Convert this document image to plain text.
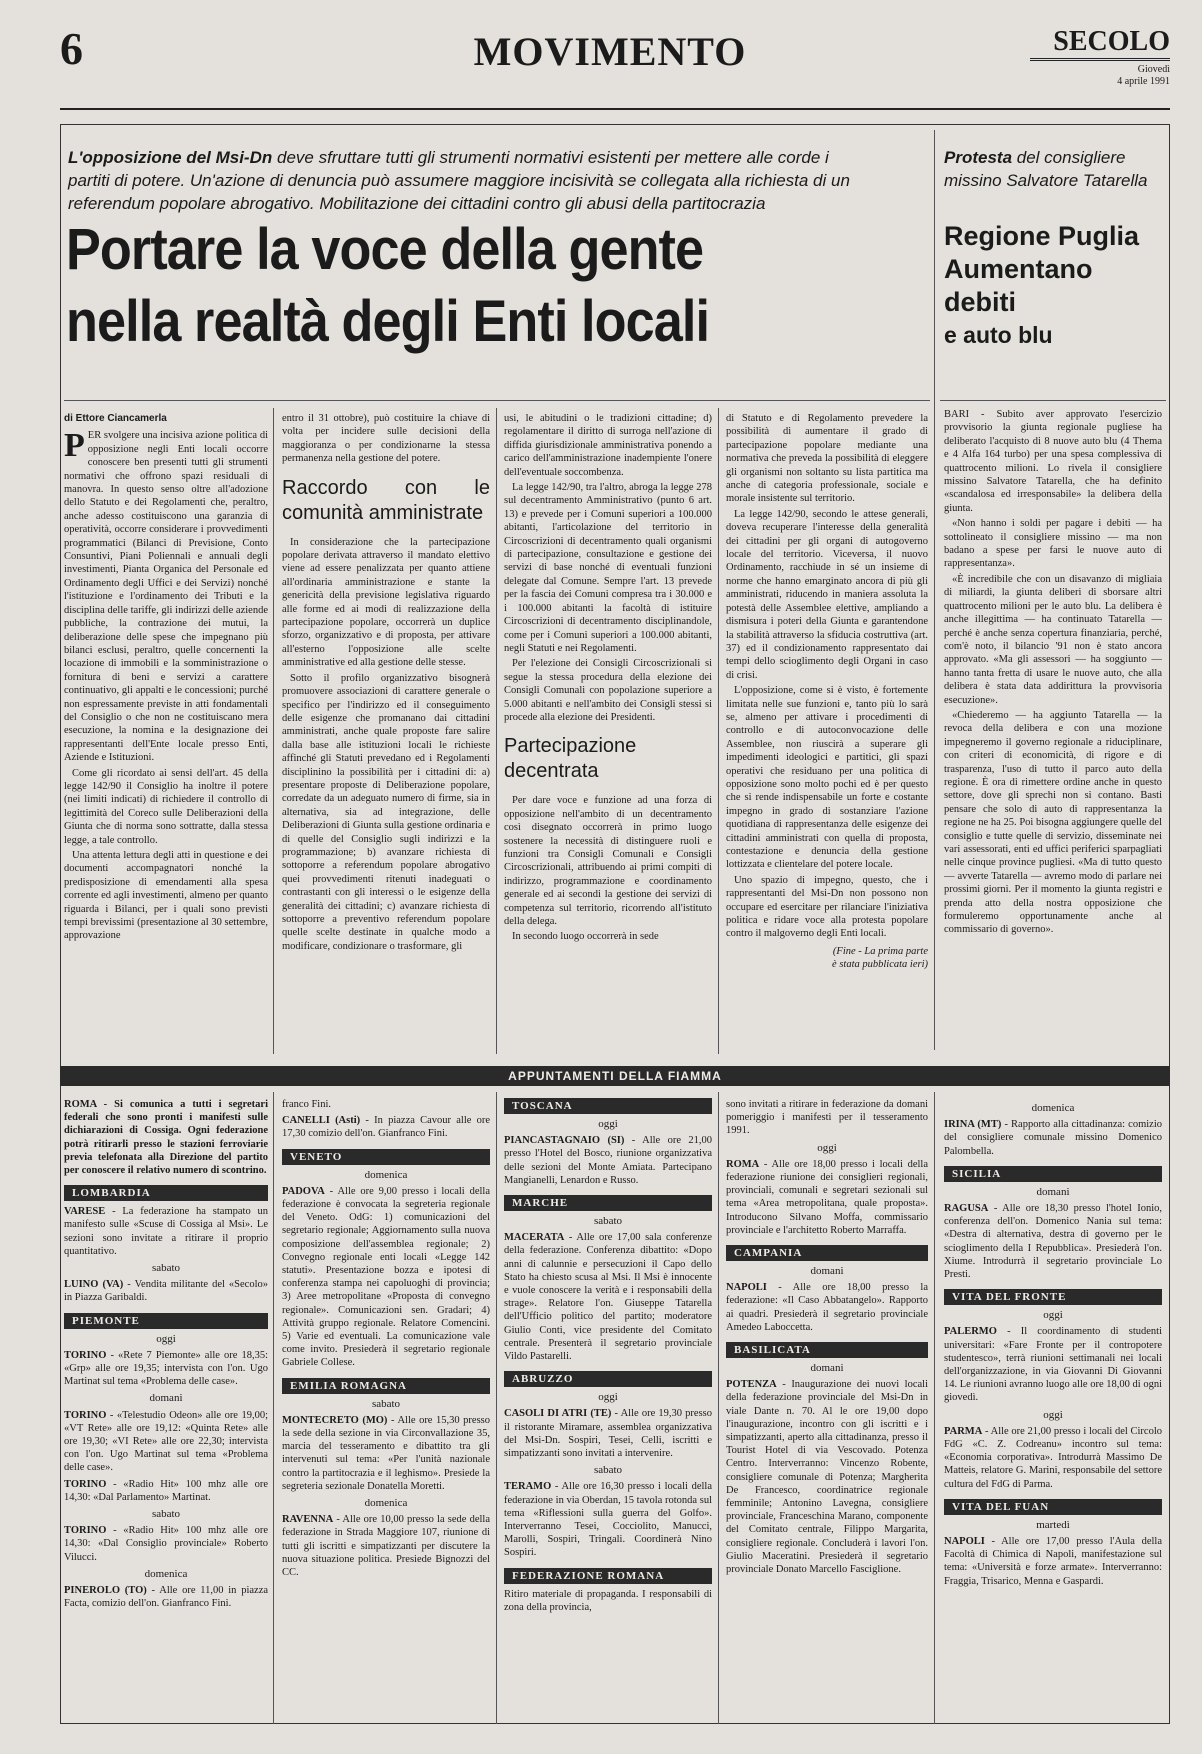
6	MOVIMENTO	SECOLO
Giovedì
4 aprile 1991
L'opposizione del Msi-Dn deve sfruttare tutti gli strumenti normativi esistenti per mettere alle corde i partiti di potere. Un'azione di denuncia può assumere maggiore incisività se collegata alla richiesta di un referendum popolare abrogativo. Mobilitazione dei cittadini contro gli abusi della partitocrazia
Portare la voce della gente
nella realtà degli Enti locali
di Ettore Ciancamerla

PER svolgere una incisiva azione politica di opposizione negli Enti locali occorre conoscere ben presenti tutti gli strumenti normativi che offrono spazi residuali di manovra. In questo senso oltre all'adozione dello Statuto e dei Regolamenti che, peraltro, anche adesso costituiscono una garanzia di operatività, occorre considerare i provvedimenti programmatici (Bilanci di Previsione, Conto Consuntivi, Piani Poliennali e annuali degli investimenti, Pianta Organica del Personale ed Ordinamento degli Uffici e dei Servizi) nonché l'istituzione e l'ordinamento dei Tributi e la disciplina delle tariffe, gli indirizzi delle aziende pubbliche, la contrazione dei mutui, la deliberazione delle spese che impegnano più bilanci esclusi, peraltro, quelle concernenti la locazione di immobili e la somministrazione o fornitura di beni e servizi a carattere continuativo, gli appalti e le concessioni; purché non espressamente previste in atti fondamentali del Consiglio o che non ne costituiscano mera esecuzione, la nomina e la designazione dei rappresentanti dell'Ente locale presso Enti, Aziende e Istituzioni.

Come gli ricordato ai sensi dell'art. 45 della legge 142/90 il Consiglio ha inoltre il potere (nei limiti indicati) di richiedere il controllo di legittimità del Coreco sulle Deliberazioni della Giunta che di norma sono sottratte, dalla stessa legge, a tale controllo.

Una attenta lettura degli atti in questione e dei documenti accompagnatori nonché la predisposizione di emendamenti alla spesa corrente ed agli investimenti, almeno per quanto riguarda i Bilanci, per i quali sono previsti tempi brevissimi (presentazione al 30 settembre, approvazione

entro il 31 ottobre), può costituire la chiave di volta per incidere sulle decisioni della maggioranza o per condizionarne la stessa permanenza nella gestione del potere.

Raccordo con le comunità amministrate

In considerazione che la partecipazione popolare derivata attraverso il mandato elettivo viene ad essere penalizzata per quanto attiene all'ordinaria amministrazione e stante la genericità della previsione legislativa riguardo alle forme ed ai modi di realizzazione della partecipazione popolare, occorrerà un duplice sforzo, organizzativo e di proposta, per attivare all'esterno l'opposizione alle scelte amministrative ed alla gestione delle stesse.

Sotto il profilo organizzativo bisognerà promuovere associazioni di carattere generale o specifico per l'indirizzo ed il conseguimento delle esigenze che promanano dai cittadini amministrati, anche quale proposte fare salire dalla base alle istituzioni locali le richieste affinché gli Statuti prevedano ed i Regolamenti disciplinino la possibilità per i cittadini di: a) presentare proposte di Deliberazione popolare, corredate da un adeguato numero di firme, sia in alternativa, sia ad integrazione, delle Deliberazioni di Giunta sulla gestione ordinaria e di quelle del Consiglio sugli indirizzi e la programmazione; b) avanzare richiesta di sottoporre a referendum popolare abrogativo quei provvedimenti ritenuti inadeguati o contrastanti con gli interessi o le esigenze della generalità dei cittadini; c) avanzare richiesta di sottoporre a preventivo referendum popolare quelle scelte destinate in qualche modo a modificare, condizionare o trasformare, gli

usi, le abitudini o le tradizioni cittadine; d) regolamentare il diritto di surroga nell'azione di diffida giurisdizionale amministrativa ponendo a carico dell'amministrazione inadempiente l'onere dell'eventuale soccombenza.

La legge 142/90, tra l'altro, abroga la legge 278 sul decentramento Amministrativo (punto 6 art. 13) e prevede per i Comuni superiori a 100.000 abitanti, l'articolazione del territorio in Circoscrizioni di decentramento quali organismi di partecipazione, consultazione e gestione dei servizi di base nonché di eventuali funzioni delegate dal Comune. Sempre l'art. 13 prevede per la fascia dei Comuni compresa tra i 30.000 e i 100.000 abitanti la facoltà di istituire Circoscrizioni di decentramento disciplinandole, come per i Comuni superiori a 100.000 abitanti, negli Statuti e nei Regolamenti.

Per l'elezione dei Consigli Circoscrizionali si segue la stessa procedura della elezione dei Consigli Comunali con popolazione superiore a 5.000 abitanti e nell'ambito dei Consigli stessi si procede alla elezione dei Presidenti.

Partecipazione decentrata

Per dare voce e funzione ad una forza di opposizione nell'ambito di un decentramento così disegnato occorrerà in primo luogo sostenere la necessità di distinguere ruoli e funzioni tra Consigli Comunali e Consigli Circoscrizionali, attribuendo ai primi compiti di indirizzo, programmazione e coordinamento generale ed ai secondi la gestione dei servizi di competenza sul territorio, ricorrendo all'istituto della delega.

In secondo luogo occorrerà in sede

di Statuto e di Regolamento prevedere la possibilità di aumentare il grado di partecipazione popolare mediante una normativa che preveda la possibilità di eleggere gli organismi non soltanto su lista partitica ma anche di categoria professionale, sociale e morale insistente sul territorio.

La legge 142/90, secondo le attese generali, doveva recuperare l'interesse della generalità dei cittadini per gli organi di autogoverno locale del territorio. Viceversa, il nuovo Ordinamento, racchiude in sé un insieme di norme che hanno emarginato ancora di più gli amministrati, riducendo in maniera assoluta la potestà delle Assemblee elettive, ampliando a dismisura i poteri della Giunta e garantendone la stabilità attraverso la sfiducia costruttiva (art. 37) ed il condizionamento rappresentato dai tempi dello scioglimento degli Organi in caso di crisi.

L'opposizione, come si è visto, è fortemente limitata nelle sue funzioni e, tanto più lo sarà se, almeno per attivare i procedimenti di controllo e di autoconvocazione delle Assemblee, non riuscirà a superare gli impedimenti ideologici e partitici, gli spazi operativi che residuano per una politica di opposizione sono molto pochi ed è per questo che si rende indispensabile un forte e costante impegno in grado di sostanziare l'azione quotidiana di rappresentanza delle esigenze dei cittadini amministrati con quella di proposta, contestazione e denuncia della gestione lottizzata e clientelare del potere locale.

Uno spazio di impegno, questo, che i rappresentanti del Msi-Dn non possono non occupare ed esercitare per rilanciare l'iniziativa politica e ridare voce alla protesta popolare contro il malgoverno degli Enti locali.

(Fine - La prima parte
è stata pubblicata ieri)
Protesta del consigliere missino Salvatore Tatarella
Regione Puglia Aumentano debiti
e auto blu

BARI - Subito aver approvato l'esercizio provvisorio la giunta regionale pugliese ha deliberato l'acquisto di 8 nuove auto blu (4 Thema e 4 Alfa 164 turbo) per una spesa complessiva di quattrocento milioni. Lo rivela il consigliere missino Salvatore Tatarella, che ha definito «scandalosa ed irresponsabile» la delibera della giunta.

«Non hanno i soldi per pagare i debiti — ha sottolineato il consigliere missino — ma non badano a spese per farsi le nuove auto di rappresentanza».

«È incredibile che con un disavanzo di migliaia di miliardi, la giunta deliberi di sborsare altri quattrocento milioni per le auto blu. La delibera è anche illegittima — ha continuato Tatarella — perché è anche senza copertura finanziaria, perché, com'è noto, il bilancio '91 non è stato ancora approvato. «Ma gli assessori — ha soggiunto — hanno tanta fretta di usare le nuove auto, che alla delibera è stata data addirittura la provvisoria esecuzione».

«Chiederemo — ha aggiunto Tatarella — la revoca della delibera e con una mozione impegneremo il governo regionale a riduciplinare, con criteri di economicità, di rigore e di trasparenza, l'uso di tutto il parco auto della regione. È ora di rimettere ordine anche in questo settore, dove gli sprechi non si contano. Basti pensare che solo di auto di rappresentanza la regione ne ha 25. Poi bisogna aggiungere quelle del consiglio e tutte quelle di servizio, disseminate nei vari assessorati, enti ed uffici periferici sparpagliati nelle cinque province pugliesi. «Ma di tutto questo — avverte Tatarella — avremo modo di parlare nei prossimi giorni. Per il momento la giunta registri e prenda atto della nostra opposizione che formuleremo opportunamente anche al commissario di governo».

APPUNTAMENTI DELLA FIAMMA

ROMA - Si comunica a tutti i segretari federali che sono pronti i manifesti sulle dichiarazioni di Cossiga. Ogni federazione potrà ritirarli presso le stazioni ferroviarie previa telefonata alla Direzione del partito per conoscere il relativo numero di scontrino.

LOMBARDIA

VARESE - La federazione ha stampato un manifesto sulle «Scuse di Cossiga al Msi». Le sezioni sono invitate a ritirare il proprio quantitativo.

sabato

LUINO (VA) - Vendita militante del «Secolo» in Piazza Garibaldi.

PIEMONTE
oggi

TORINO - «Rete 7 Piemonte» alle ore 18,35: «Grp» alle ore 19,35; intervista con l'on. Ugo Martinat sul tema «Problema delle case».

domani

TORINO - «Telestudio Odeon» alle ore 19,00; «VT Rete» alle ore 19,12: «Quinta Rete» alle ore 19,30; «VI Rete» alle ore 22,30; intervista con l'on. Ugo Martinat sul tema «Problema delle case».

TORINO - «Radio Hit» 100 mhz alle ore 14,30: «Dal Parlamento» Martinat.

sabato

TORINO - «Radio Hit» 100 mhz alle ore 14,30: «Dal Consiglio provinciale» Roberto Vilucci.

domenica

PINEROLO (TO) - Alle ore 11,00 in piazza Facta, comizio dell'on. Gianfranco Fini.

franco Fini.

CANELLI (Asti) - In piazza Cavour alle ore 17,30 comizio dell'on. Gianfranco Fini.

VENETO
domenica

PADOVA - Alle ore 9,00 presso i locali della federazione è convocata la segreteria regionale del Veneto. OdG: 1) comunicazioni del segretario regionale; Aggiornamento sulla nuova composizione dell'assemblea regionale; 2) Convegno regionale enti locali «Legge 142 statuti». Presentazione bozza e ipotesi di conferenza stampa nei capoluoghi di provincia; 3) Aree metropolitane «Proposta di convegno regionale». Comunicazioni sen. Gradari; 4) Attività gruppo regionale. Relatore Comencini. 5) Varie ed eventuali. La comunicazione vale come invito. Presiederà il segretario regionale Gabriele Collese.

EMILIA ROMAGNA
sabato

MONTECRETO (MO) - Alle ore 15,30 presso la sede della sezione in via Circonvallazione 35, marcia del tesseramento e dibattito tra gli intervenuti sul tema: «Per l'unità nazionale contro la partitocrazia e il leghismo». Presiede la segreteria sezionale Donatella Moretti.

domenica

RAVENNA - Alle ore 10,00 presso la sede della federazione in Strada Maggiore 107, riunione di tutti gli iscritti e simpatizzanti per discutere la nuova situazione politica. Presiede Bignozzi del CC.

TOSCANA
oggi

PIANCASTAGNAIO (SI) - Alle ore 21,00 presso l'Hotel del Bosco, riunione organizzativa delle sezioni del Monte Amiata. Partecipano Mangianelli, Lenardon e Russo.

MARCHE
sabato

MACERATA - Alle ore 17,00 sala conferenze della federazione. Conferenza dibattito: «Dopo anni di calunnie e persecuzioni il Capo dello Stato ha chiesto scusa al Msi. Il Msi è innocente e vuole conoscere la verità e i responsabili della strage». Relatore l'on. Giuseppe Tatarella dell'Ufficio politico del partito; moderatore Giulio Conti, vice presidente del Comitato centrale. Presenterà il segretario provinciale Vildo Pastarelli.

ABRUZZO
oggi

CASOLI DI ATRI (TE) - Alle ore 19,30 presso il ristorante Miramare, assemblea organizzativa del Msi-Dn. Sospiri, Tesei, Celli, iscritti e simpatizzanti sono invitati a intervenire.

sabato

TERAMO - Alle ore 16,30 presso i locali della federazione in via Oberdan, 15 tavola rotonda sul tema «Riflessioni sulla guerra del Golfo». Interverranno Tesei, Cocciolito, Manucci, Marolli, Sospiri, Tringali. Coordinerà Nino Sospiri.

FEDERAZIONE ROMANA

Ritiro materiale di propaganda. I responsabili di zona della provincia,

sono invitati a ritirare in federazione da domani pomeriggio i manifesti per il tesseramento 1991.

oggi

ROMA - Alle ore 18,00 presso i locali della federazione riunione dei consiglieri regionali, provinciali, comunali e segretari sezionali sul tema «Area metropolitana, quale proposta». Introducono Silvano Moffa, commissario provinciale e l'architetto Roberto Marraffa.

CAMPANIA
domani

NAPOLI - Alle ore 18,00 presso la federazione: «Il Caso Abbatangelo». Rapporto ai quadri. Presiederà il segretario provinciale Amedeo Laboccetta.

BASILICATA
domani

POTENZA - Inaugurazione dei nuovi locali della federazione provinciale del Msi-Dn in viale Dante n. 70. Al le ore 19,00 dopo l'inaugurazione, incontro con gli iscritti e i simpatizzanti, aperto alla cittadinanza, presso il Tourist Hotel di via Vescovado. Potenza Centro. Interverranno: Vincenzo Robente, consigliere comunale di Potenza; Margherita De Francesco, coordinatrice regionale femminile; Antonino Lavegna, consigliere provinciale, Franceschina Marano, componente del Comitato centrale, Filippo Margarita, consigliere regionale. Concluderà i lavori l'on. Giulio Maceratini. Presiederà il segretario provinciale Donato Marcello Fasciglione.

domenica

IRINA (MT) - Rapporto alla cittadinanza: comizio del consigliere comunale missino Domenico Palombella.

SICILIA
domani

RAGUSA - Alle ore 18,30 presso l'hotel Ionio, conferenza dell'on. Domenico Nania sul tema: «Destra di alternativa, destra di governo per le scioglimento della I Repubblica». Presiederà l'on. Xiume. Introdurrà il segretario provinciale Lo Presti.

VITA DEL FRONTE
oggi

PALERMO - Il coordinamento di studenti universitari: «Fare Fronte per il contropotere studentesco», terrà riunioni settimanali nei locali dell'organizzazione, in via Giovanni Di Giovanni 14. Le riunioni avranno luogo alle ore 18,00 di ogni giovedì.

oggi

PARMA - Alle ore 21,00 presso i locali del Circolo FdG «C. Z. Codreanu» incontro sul tema: «Economia corporativa». Introdurrà Massimo De Matteis, relatore G. Marini, responsabile del settore cultura del FdG di Parma.

VITA DEL FUAN
martedì

NAPOLI - Alle ore 17,00 presso l'Aula della Facoltà di Chimica di Napoli, manifestazione sul tema: «Università e forze armate». Interverranno: Fraggia, Trisarico, Menna e Gaspardi.
